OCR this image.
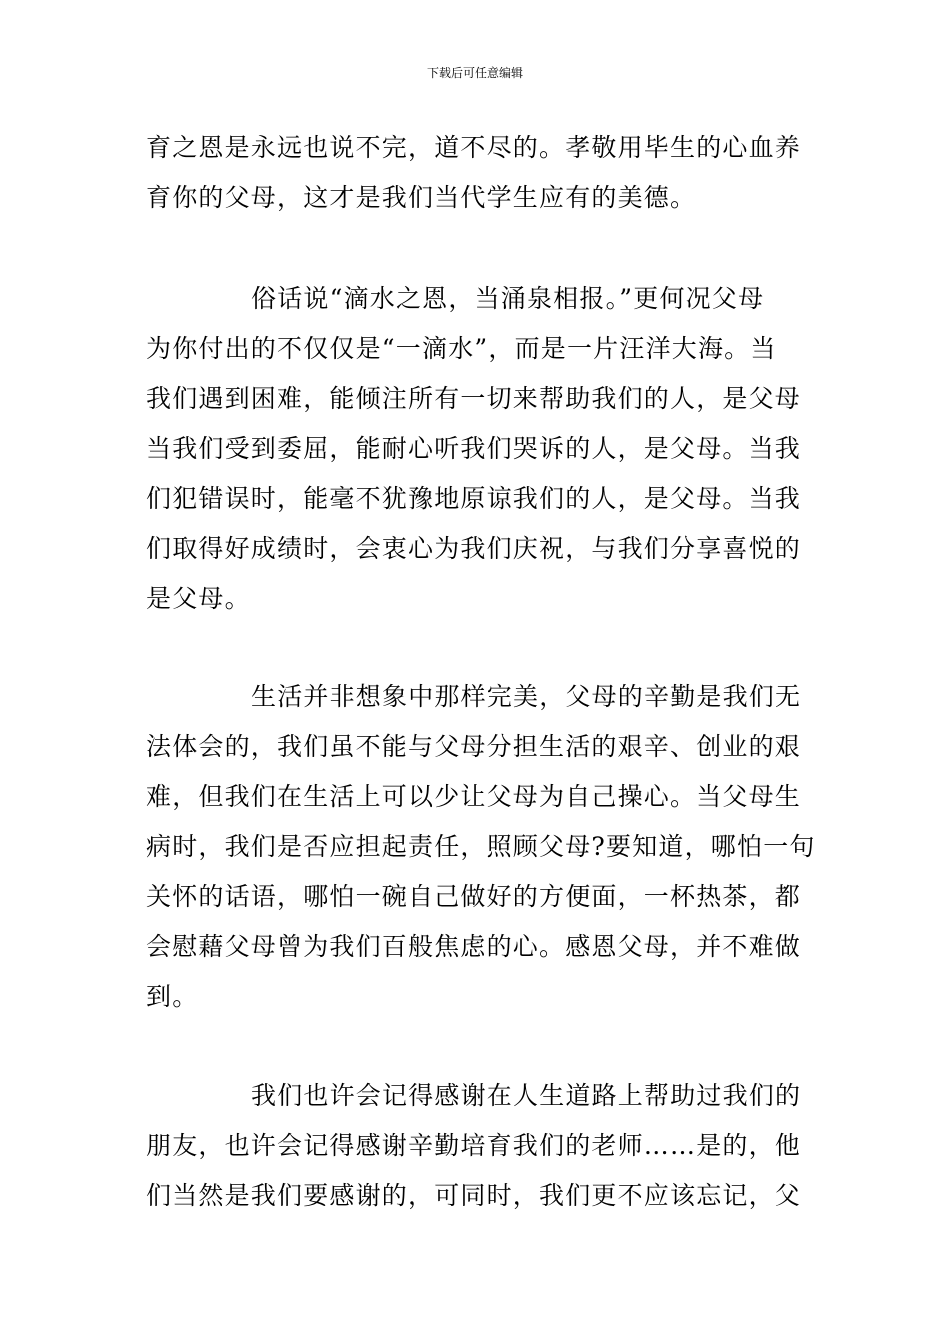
下载后可任意编辑
育之恩是永远也说不完，道不尽的。孝敬用毕生的心血养
育你的父母，这才是我们当代学生应有的美德。
俗话说“滴水之恩，当涌泉相报。”更何况父母
为你付出的不仅仅是“一滴水”，而是一片汪洋大海。当
我们遇到困难，能倾注所有一切来帮助我们的人，是父母
当我们受到委屈，能耐心听我们哭诉的人，是父母。当我
们犯错误时，能毫不犹豫地原谅我们的人，是父母。当我
们取得好成绩时，会衷心为我们庆祝，与我们分享喜悦的
是父母。
生活并非想象中那样完美，父母的辛勤是我们无
法体会的，我们虽不能与父母分担生活的艰辛、创业的艰
难，但我们在生活上可以少让父母为自己操心。当父母生
病时，我们是否应担起责任，照顾父母?要知道，哪怕一句
关怀的话语，哪怕一碗自己做好的方便面，一杯热茶，都
会慰藉父母曾为我们百般焦虑的心。感恩父母，并不难做
到。
我们也许会记得感谢在人生道路上帮助过我们的
朋友，也许会记得感谢辛勤培育我们的老师……是的，他
们当然是我们要感谢的，可同时，我们更不应该忘记，父
